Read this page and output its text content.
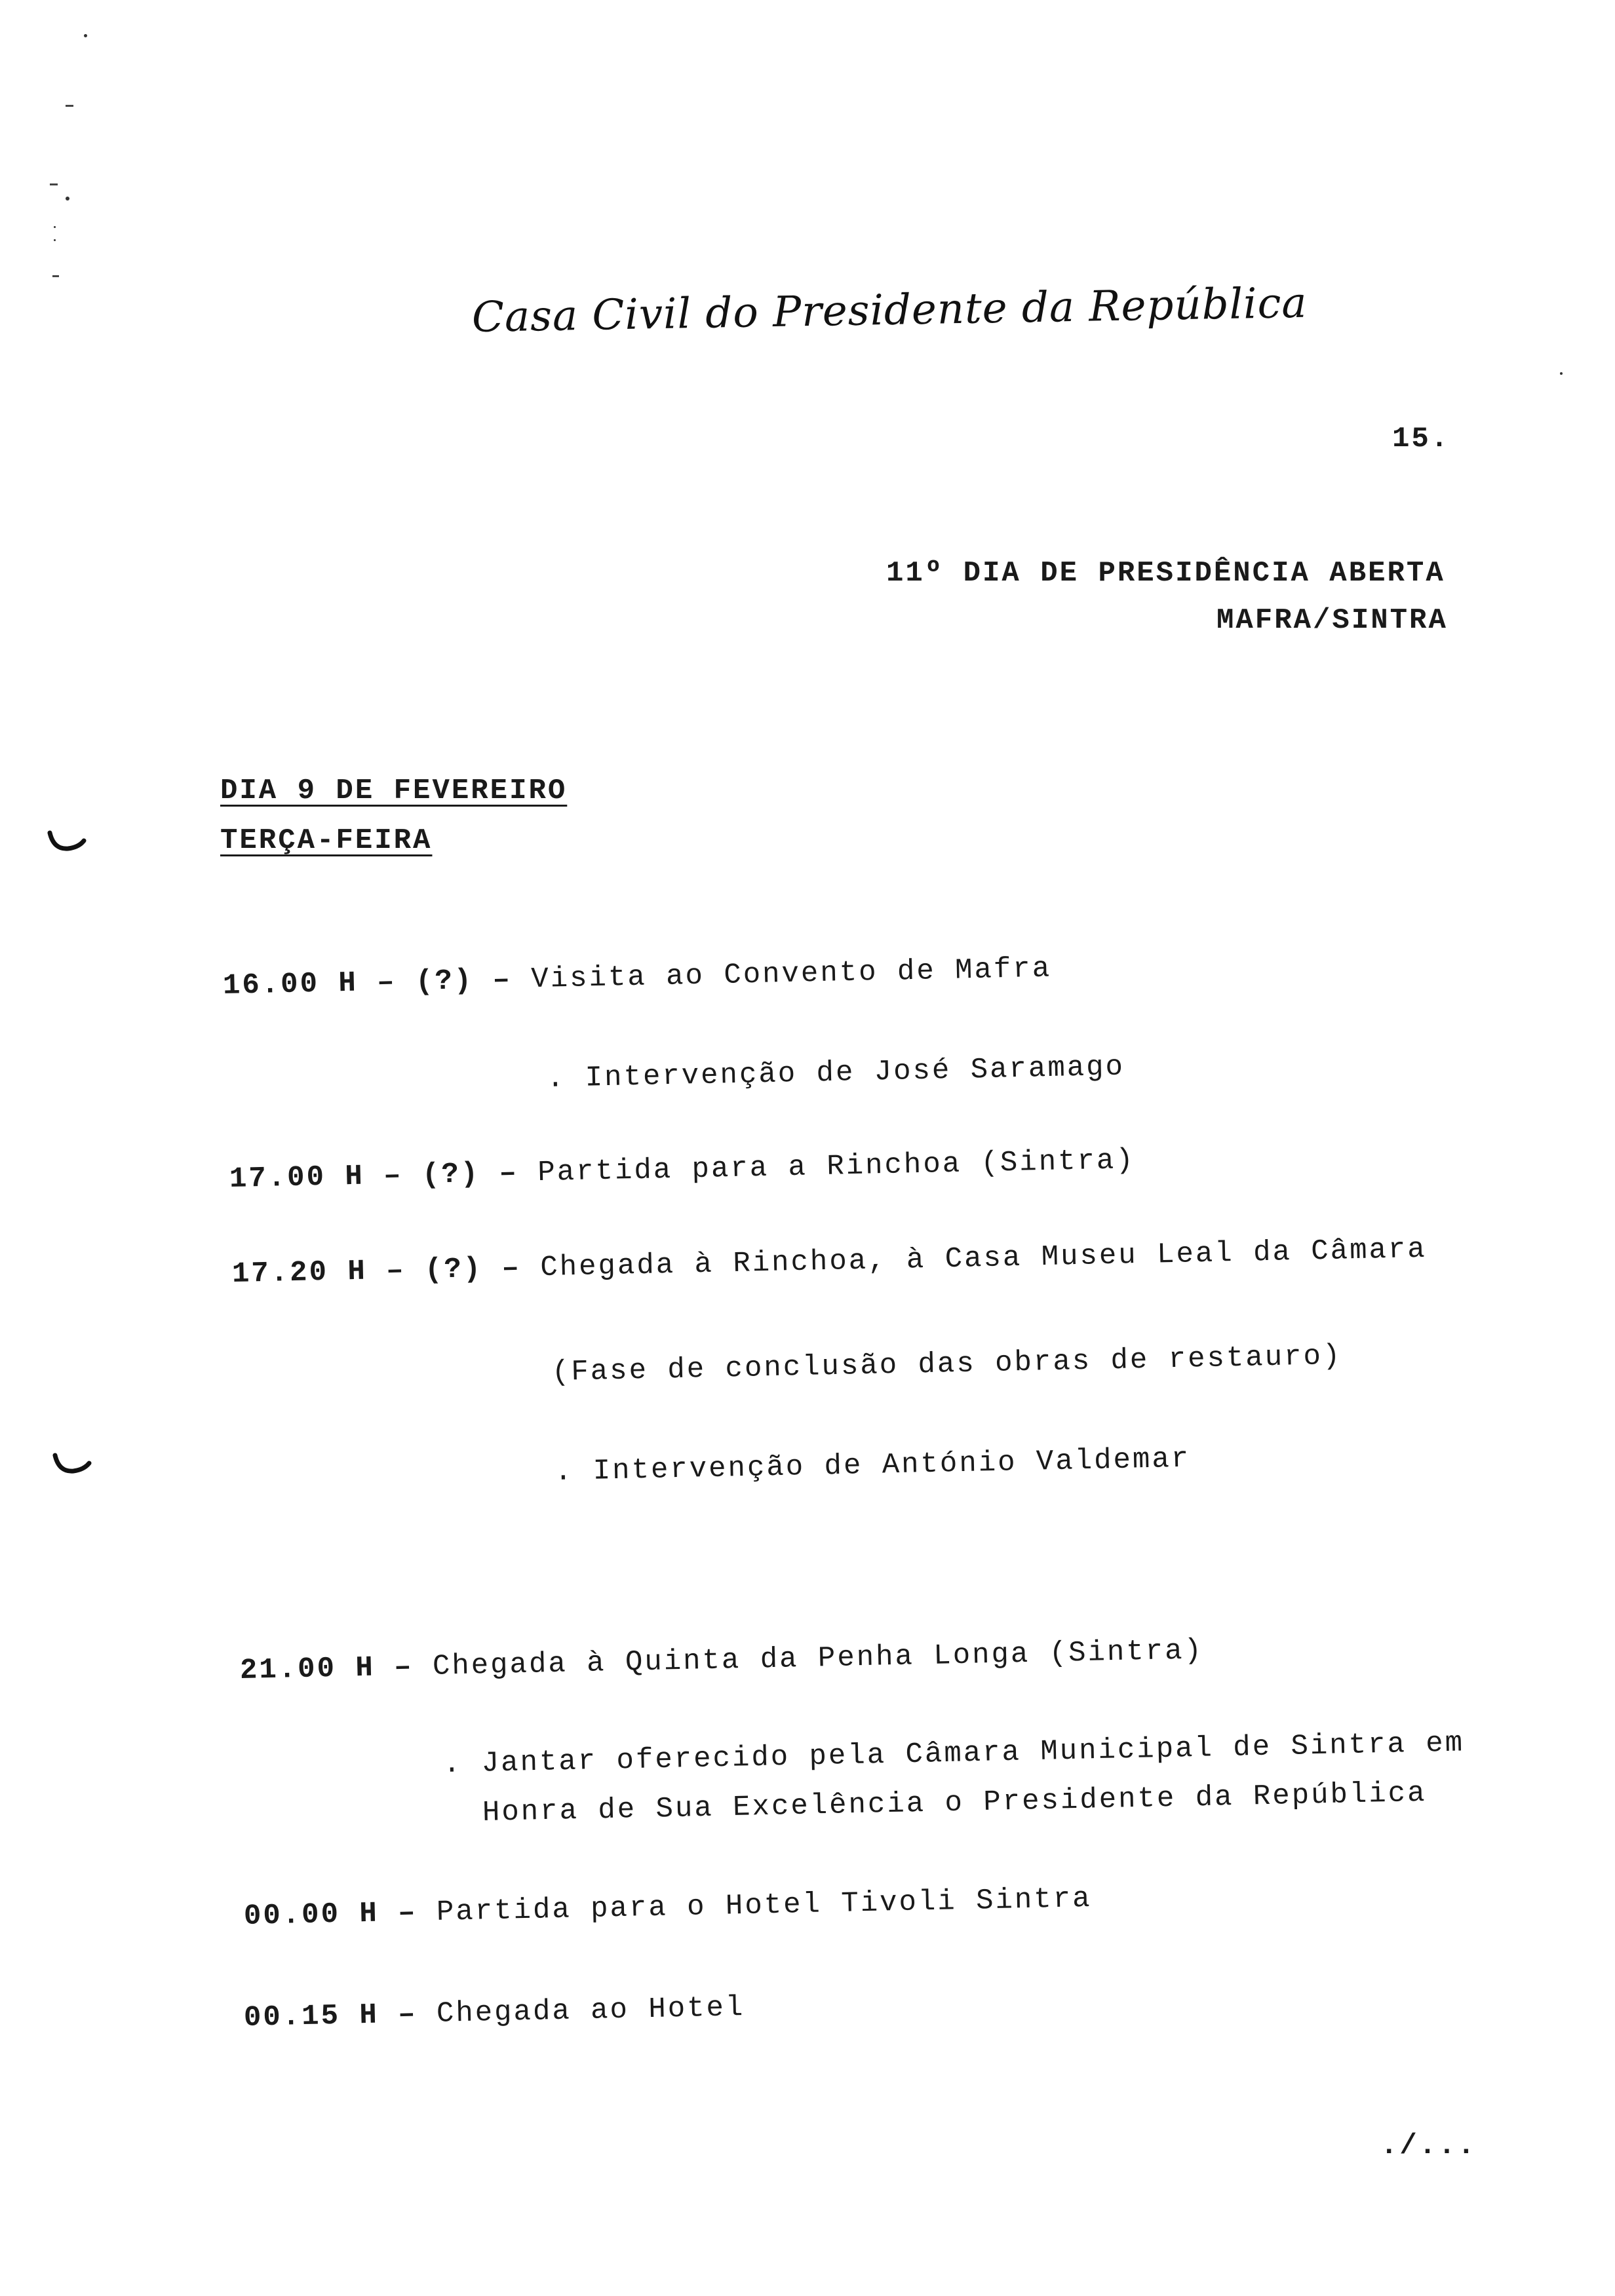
Casa Civil do Presidente da República
15.
11º DIA DE PRESIDÊNCIA ABERTA
MAFRA/SINTRA
DIA 9 DE FEVEREIRO
TERÇA-FEIRA
16.00 H – (?) – Visita ao Convento de Mafra
. Intervenção de José Saramago
17.00 H – (?) – Partida para a Rinchoa (Sintra)
17.20 H – (?) – Chegada à Rinchoa, à Casa Museu Leal da Câmara
(Fase de conclusão das obras de restauro)
. Intervenção de António Valdemar
21.00 H – Chegada à Quinta da Penha Longa (Sintra)
. Jantar oferecido pela Câmara Municipal de Sintra em
Honra de Sua Excelência o Presidente da República
00.00 H – Partida para o Hotel Tivoli Sintra
00.15 H – Chegada ao Hotel
./...
